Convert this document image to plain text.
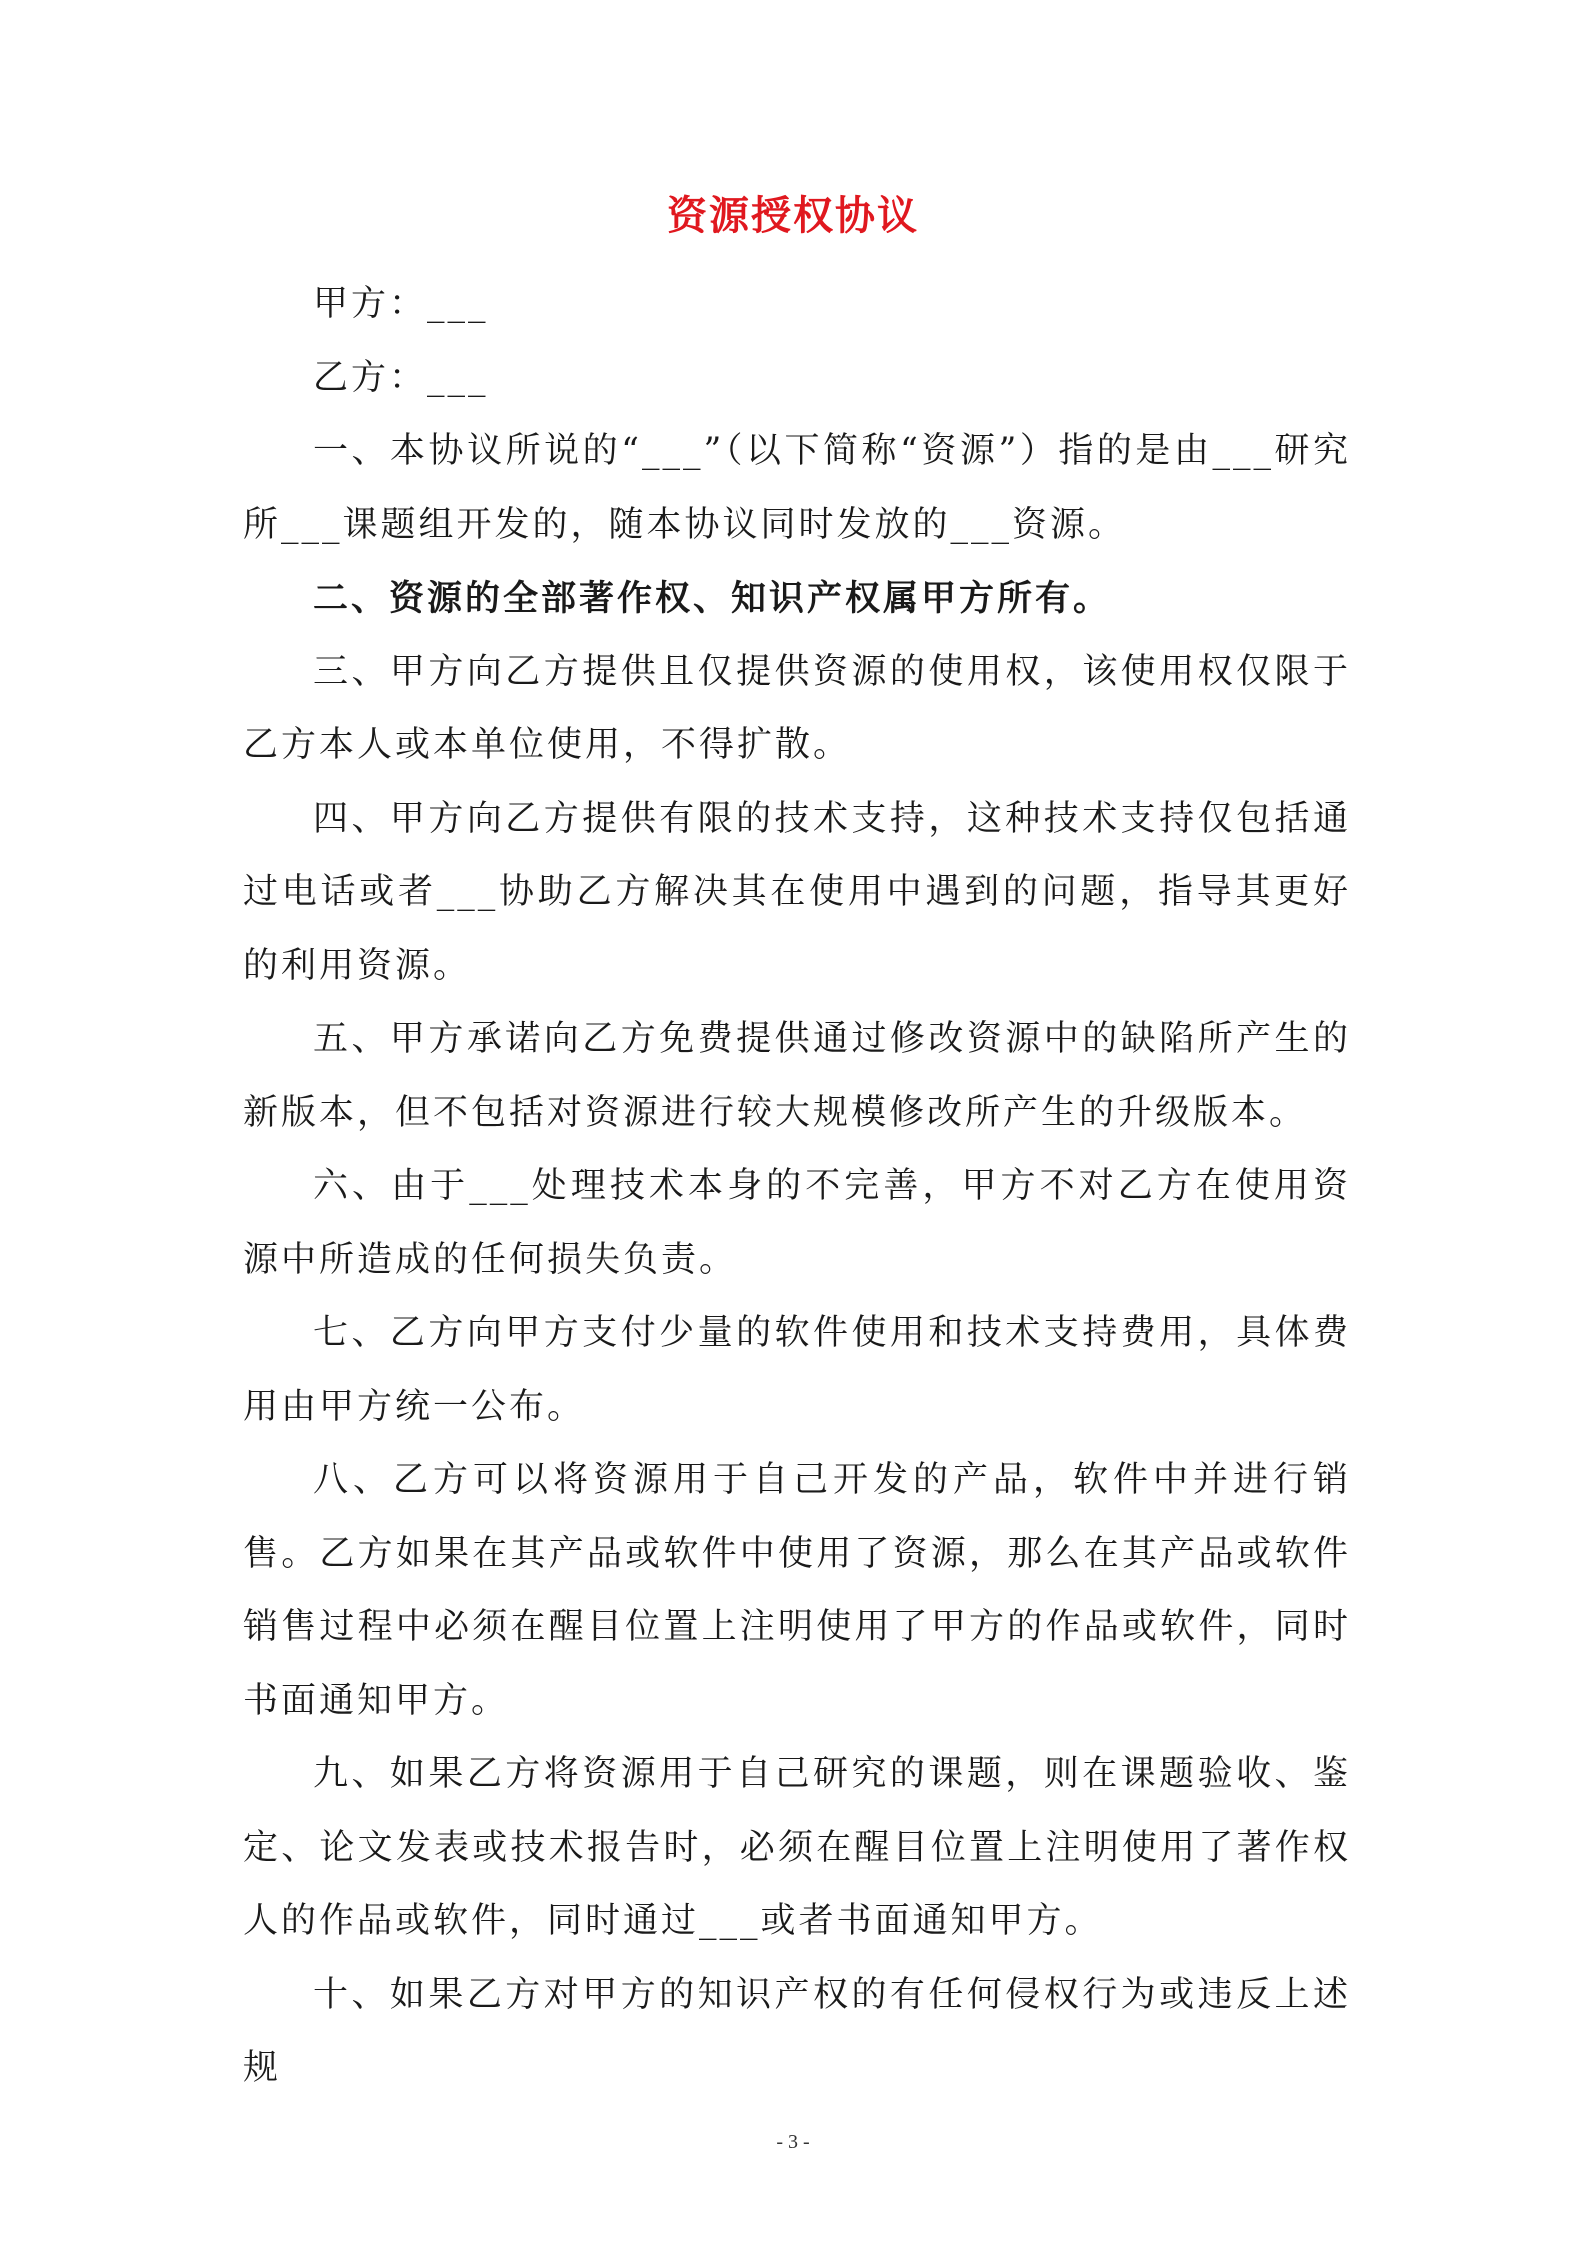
资源授权协议

甲方：___

乙方：___

一、本协议所说的“___”（以下简称“资源”）指的是由___研究所___课题组开发的，随本协议同时发放的___资源。

二、资源的全部著作权、知识产权属甲方所有。

三、甲方向乙方提供且仅提供资源的使用权，该使用权仅限于乙方本人或本单位使用，不得扩散。

四、甲方向乙方提供有限的技术支持，这种技术支持仅包括通过电话或者___协助乙方解决其在使用中遇到的问题，指导其更好的利用资源。

五、甲方承诺向乙方免费提供通过修改资源中的缺陷所产生的新版本，但不包括对资源进行较大规模修改所产生的升级版本。

六、由于___处理技术本身的不完善，甲方不对乙方在使用资源中所造成的任何损失负责。

七、乙方向甲方支付少量的软件使用和技术支持费用，具体费用由甲方统一公布。

八、乙方可以将资源用于自己开发的产品，软件中并进行销售。乙方如果在其产品或软件中使用了资源，那么在其产品或软件销售过程中必须在醒目位置上注明使用了甲方的作品或软件，同时书面通知甲方。

九、如果乙方将资源用于自己研究的课题，则在课题验收、鉴定、论文发表或技术报告时，必须在醒目位置上注明使用了著作权人的作品或软件，同时通过___或者书面通知甲方。

十、如果乙方对甲方的知识产权的有任何侵权行为或违反上述规

- 3 -
